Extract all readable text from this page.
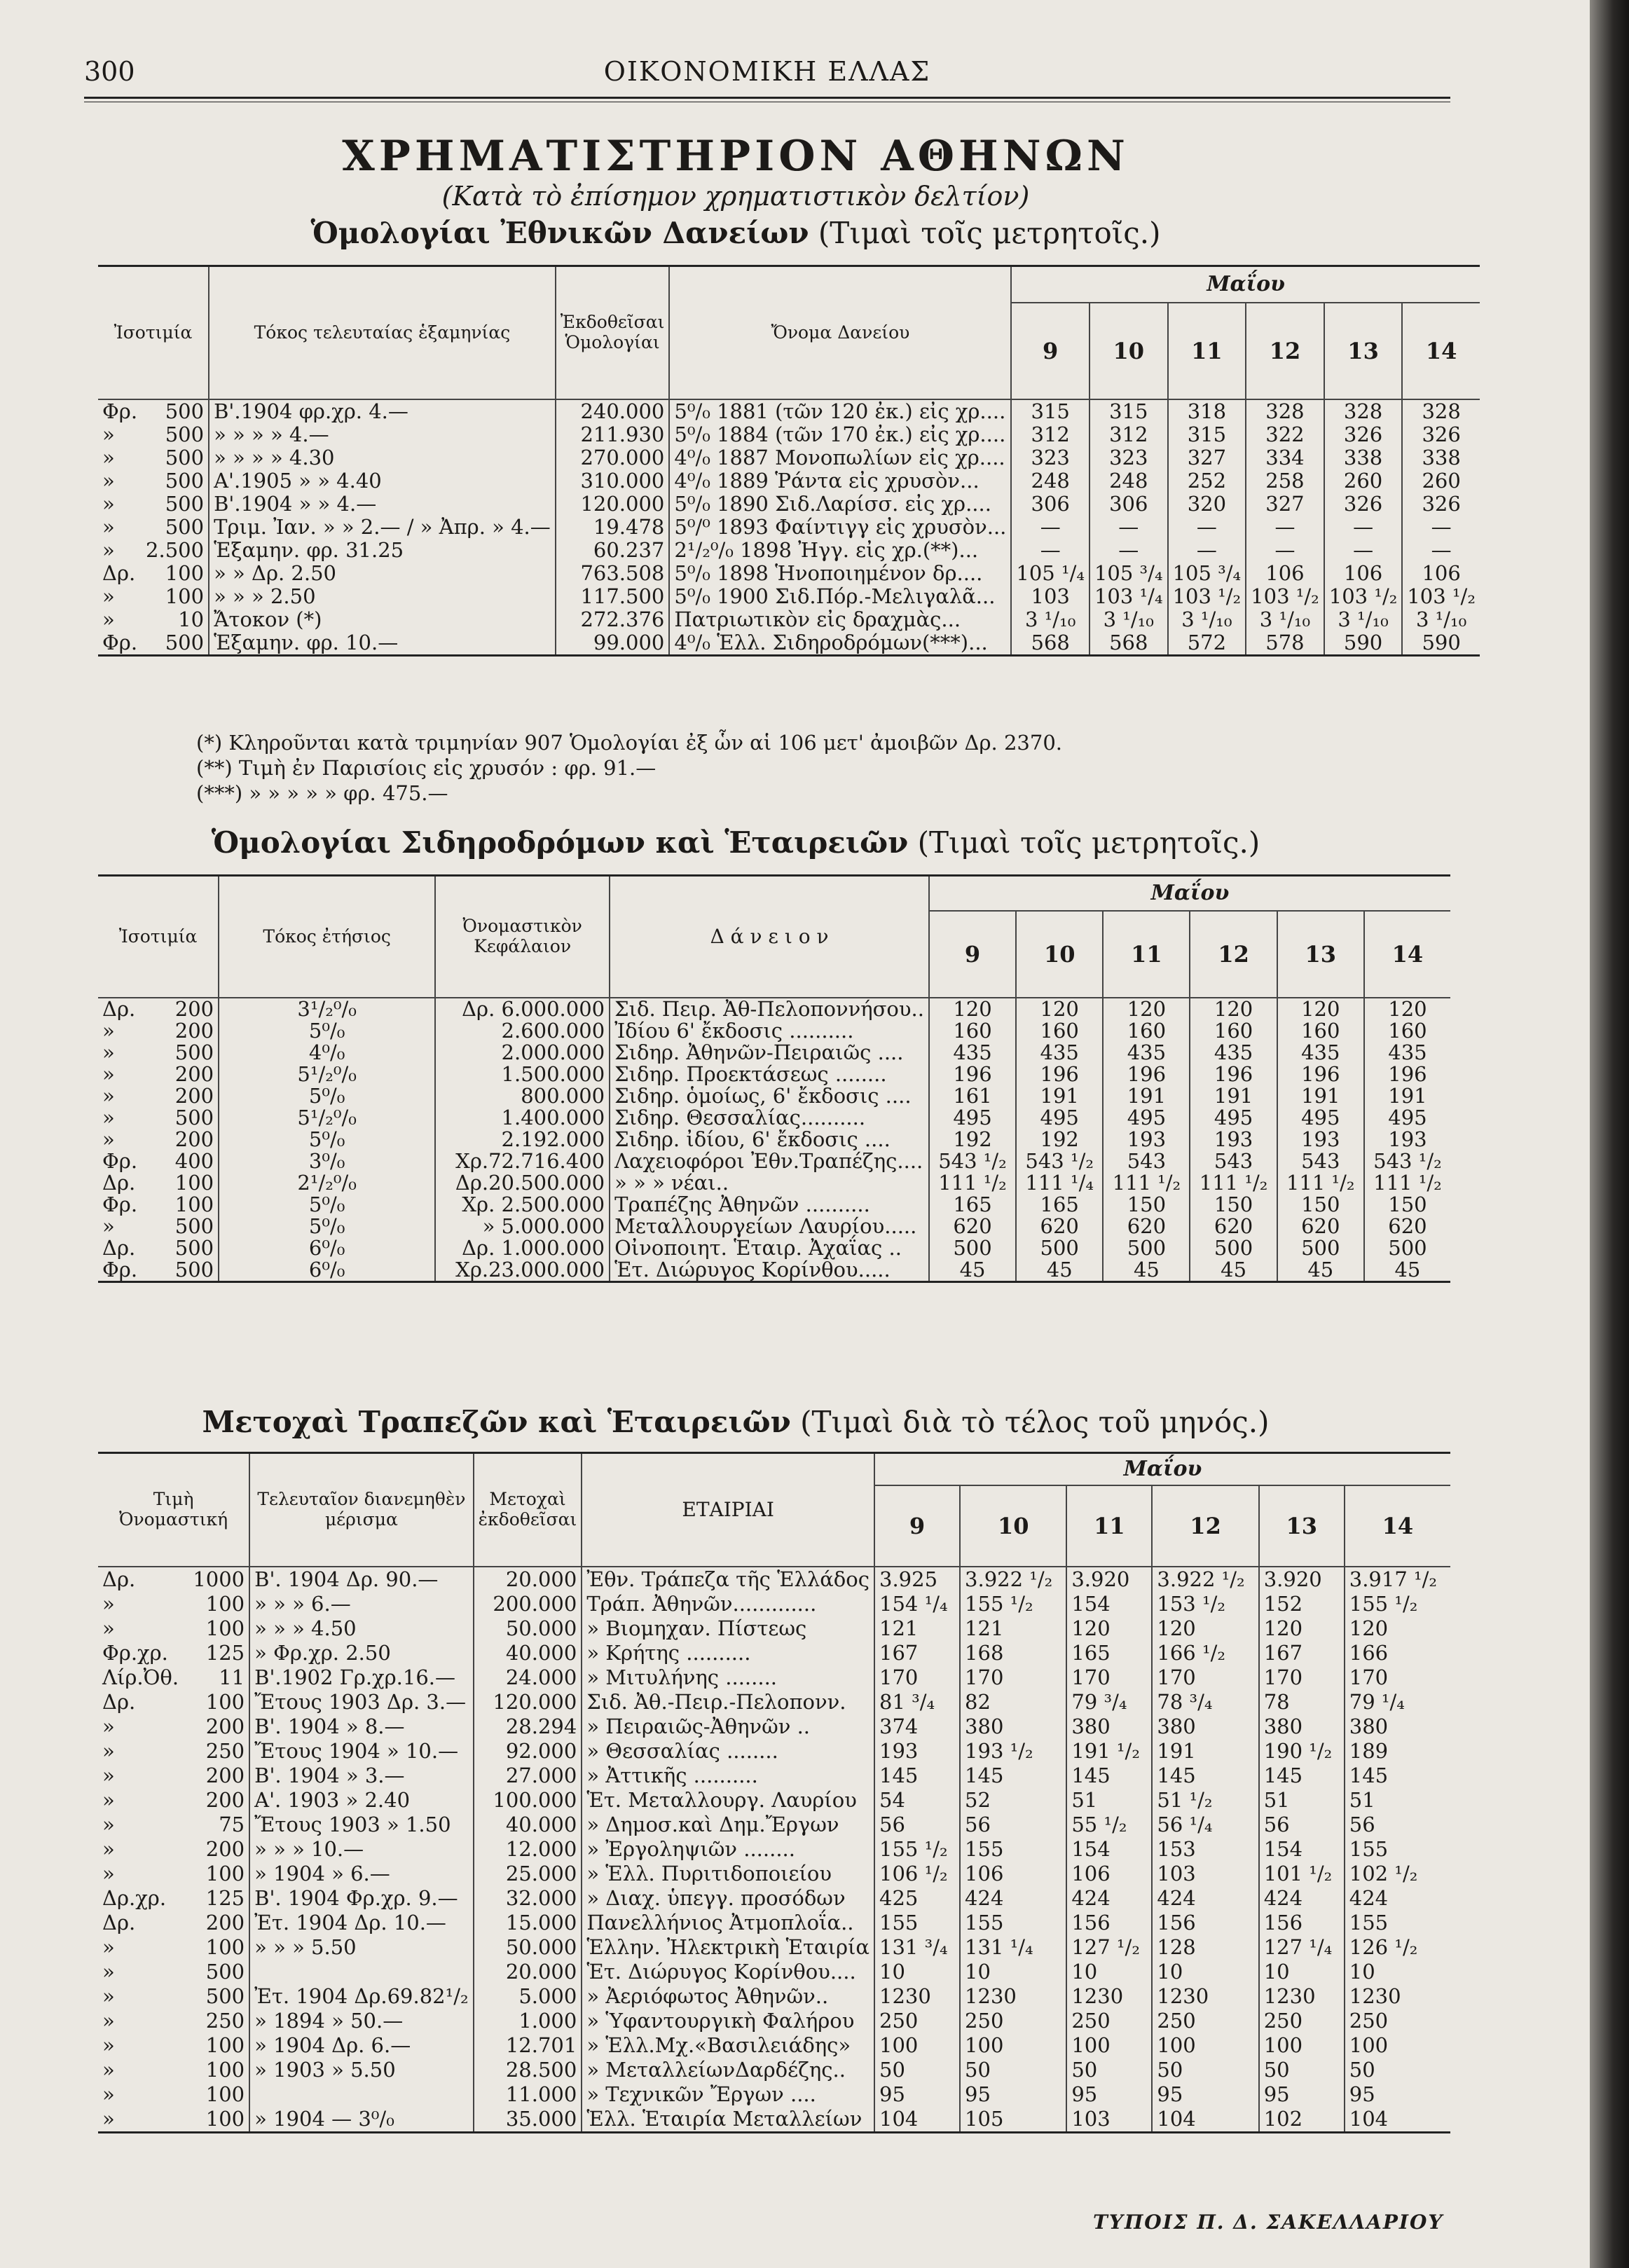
300	ΟΙΚΟΝΟΜΙΚΗ ΕΛΛΑΣ
ΧΡΗΜΑΤΙΣΤΗΡΙΟΝ ΑΘΗΝΩΝ
(Κατὰ τὸ ἐπίσημον χρηματιστικὸν δελτίον)
Ὁμολογίαι Ἐθνικῶν Δανείων (Τιμαὶ τοῖς μετρητοῖς.)
Ἰσοτιμία		Τόκος τελευταίας ἑξαμηνίας	Ἐκδοθεῖσαι Ὁμολογίαι	Ὄνομα Δανείου	Μαΐου					
					9	10	11	12	13	14
Φρ.	500	Β'.1904 φρ.χρ. 4.—	240.000	5⁰/₀ 1881 (τῶν 120 ἐκ.) εἰς χρ....	315	315	318	328	328	328
»	500	» » » » 4.—	211.930	5⁰/₀ 1884 (τῶν 170 ἐκ.) εἰς χρ....	312	312	315	322	326	326
»	500	» » » » 4.30	270.000	4⁰/₀ 1887 Μονοπωλίων εἰς χρ....	323	323	327	334	338	338
»	500	Α'.1905 » » 4.40	310.000	4⁰/₀ 1889 Ῥάντα εἰς χρυσὸν...	248	248	252	258	260	260
»	500	Β'.1904 » » 4.—	120.000	5⁰/₀ 1890 Σιδ.Λαρίσσ. εἰς χρ....	306	306	320	327	326	326
»	500	Τριμ. Ἰαν. » » 2.— / » Ἀπρ. » 4.—	19.478	5⁰/⁰ 1893 Φαίντιγγ εἰς χρυσὸν...	—	—	—	—	—	—
»	2.500	Ἑξαμην. φρ. 31.25	60.237	2¹/₂⁰/₀ 1898 Ἠγγ. εἰς χρ.(**)...	—	—	—	—	—	—
Δρ.	100	» » Δρ. 2.50	763.508	5⁰/₀ 1898 Ἡνοποιημένον δρ....	105 ¹/₄	105 ³/₄	105 ³/₄	106	106	106
»	100	» » » 2.50	117.500	5⁰/₀ 1900 Σιδ.Πόρ.-Μελιγαλᾶ...	103	103 ¹/₄	103 ¹/₂	103 ¹/₂	103 ¹/₂	103 ¹/₂
»	10	Ἄτοκον (*)	272.376	Πατριωτικὸν εἰς δραχμὰς...	3 ¹/₁₀	3 ¹/₁₀	3 ¹/₁₀	3 ¹/₁₀	3 ¹/₁₀	3 ¹/₁₀
Φρ.	500	Ἑξαμην. φρ. 10.—	99.000	4⁰/₀ Ἑλλ. Σιδηροδρόμων(***)...	568	568	572	578	590	590
(*) Κληροῦνται κατὰ τριμηνίαν 907 Ὁμολογίαι ἐξ ὧν αἱ 106 μετ' ἀμοιβῶν Δρ. 2370.
(**) Τιμὴ ἐν Παρισίοις εἰς χρυσόν : φρ. 91.—
(***) » » » » » φρ. 475.—
Ὁμολογίαι Σιδηροδρόμων καὶ Ἑταιρειῶν (Τιμαὶ τοῖς μετρητοῖς.)
Ἰσοτιμία		Τόκος ἐτήσιος	Ὀνομαστικὸν Κεφάλαιον	Δ ά ν ε ι ο ν	Μαΐου					
					9	10	11	12	13	14
Δρ.	200	3¹/₂⁰/₀	Δρ. 6.000.000	Σιδ. Πειρ. Ἀθ-Πελοποννήσου..	120	120	120	120	120	120
»	200	5⁰/₀	2.600.000	Ἰδίου 6' ἔκδοσις ..........	160	160	160	160	160	160
»	500	4⁰/₀	2.000.000	Σιδηρ. Ἀθηνῶν-Πειραιῶς ....	435	435	435	435	435	435
»	200	5¹/₂⁰/₀	1.500.000	Σιδηρ. Προεκτάσεως ........	196	196	196	196	196	196
»	200	5⁰/₀	800.000	Σιδηρ. ὁμοίως, 6' ἔκδοσις ....	161	191	191	191	191	191
»	500	5¹/₂⁰/₀	1.400.000	Σιδηρ. Θεσσαλίας..........	495	495	495	495	495	495
»	200	5⁰/₀	2.192.000	Σιδηρ. ἰδίου, 6' ἔκδοσις ....	192	192	193	193	193	193
Φρ.	400	3⁰/₀	Χρ.72.716.400	Λαχειοφόροι Ἐθν.Τραπέζης....	543 ¹/₂	543 ¹/₂	543	543	543	543 ¹/₂
Δρ.	100	2¹/₂⁰/₀	Δρ.20.500.000	» » » νέαι..	111 ¹/₂	111 ¹/₄	111 ¹/₂	111 ¹/₂	111 ¹/₂	111 ¹/₂
Φρ.	100	5⁰/₀	Χρ. 2.500.000	Τραπέζης Ἀθηνῶν ..........	165	165	150	150	150	150
»	500	5⁰/₀	» 5.000.000	Μεταλλουργείων Λαυρίου.....	620	620	620	620	620	620
Δρ.	500	6⁰/₀	Δρ. 1.000.000	Οἰνοποιητ. Ἑταιρ. Ἀχαΐας ..	500	500	500	500	500	500
Φρ.	500	6⁰/₀	Χρ.23.000.000	Ἑτ. Διώρυγος Κορίνθου.....	45	45	45	45	45	45
Μετοχαὶ Τραπεζῶν καὶ Ἑταιρειῶν (Τιμαὶ διὰ τὸ τέλος τοῦ μηνός.)
Τιμὴ Ὀνομαστική		Τελευταῖον διανεμηθὲν μέρισμα	Μετοχαὶ ἐκδοθεῖσαι	ΕΤΑΙΡΙΑΙ	Μαΐου					
					9	10	11	12	13	14
Δρ.	1000	Β'. 1904 Δρ. 90.—	20.000	Ἐθν. Τράπεζα τῆς Ἑλλάδος	3.925	3.922 ¹/₂	3.920	3.922 ¹/₂	3.920	3.917 ¹/₂
»	100	» » » 6.—	200.000	Τράπ. Ἀθηνῶν.............	154 ¹/₄	155 ¹/₂	154	153 ¹/₂	152	155 ¹/₂
»	100	» » » 4.50	50.000	» Βιομηχαν. Πίστεως	121	121	120	120	120	120
Φρ.χρ.	125	» Φρ.χρ. 2.50	40.000	» Κρήτης ..........	167	168	165	166 ¹/₂	167	166
Λίρ.Ὀθ.	11	Β'.1902 Γρ.χρ.16.—	24.000	» Μιτυλήνης ........	170	170	170	170	170	170
Δρ.	100	Ἔτους 1903 Δρ. 3.—	120.000	Σιδ. Ἀθ.-Πειρ.-Πελοπονν.	81 ³/₄	82	79 ³/₄	78 ³/₄	78	79 ¹/₄
»	200	Β'. 1904 » 8.—	28.294	» Πειραιῶς-Ἀθηνῶν ..	374	380	380	380	380	380
»	250	Ἔτους 1904 » 10.—	92.000	» Θεσσαλίας ........	193	193 ¹/₂	191 ¹/₂	191	190 ¹/₂	189
»	200	Β'. 1904 » 3.—	27.000	» Ἀττικῆς ..........	145	145	145	145	145	145
»	200	Α'. 1903 » 2.40	100.000	Ἑτ. Μεταλλουργ. Λαυρίου	54	52	51	51 ¹/₂	51	51
»	75	Ἔτους 1903 » 1.50	40.000	» Δημοσ.καὶ Δημ.Ἔργων	56	56	55 ¹/₂	56 ¹/₄	56	56
»	200	» » » 10.—	12.000	» Ἐργοληψιῶν ........	155 ¹/₂	155	154	153	154	155
»	100	» 1904 » 6.—	25.000	» Ἑλλ. Πυριτιδοποιείου	106 ¹/₂	106	106	103	101 ¹/₂	102 ¹/₂
Δρ.χρ.	125	Β'. 1904 Φρ.χρ. 9.—	32.000	» Διαχ. ὑπεγγ. προσόδων	425	424	424	424	424	424
Δρ.	200	Ἐτ. 1904 Δρ. 10.—	15.000	Πανελλήνιος Ἀτμοπλοΐα..	155	155	156	156	156	155
»	100	» » » 5.50	50.000	Ἑλλην. Ἠλεκτρικὴ Ἑταιρία	131 ³/₄	131 ¹/₄	127 ¹/₂	128	127 ¹/₄	126 ¹/₂
»	500		20.000	Ἑτ. Διώρυγος Κορίνθου....	10	10	10	10	10	10
»	500	Ἐτ. 1904 Δρ.69.82¹/₂	5.000	» Ἀεριόφωτος Ἀθηνῶν..	1230	1230	1230	1230	1230	1230
»	250	» 1894 » 50.—	1.000	» Ὑφαντουργικὴ Φαλήρου	250	250	250	250	250	250
»	100	» 1904 Δρ. 6.—	12.701	» Ἑλλ.Μχ.«Βασιλειάδης»	100	100	100	100	100	100
»	100	» 1903 » 5.50	28.500	» ΜεταλλείωνΔαρδέζης..	50	50	50	50	50	50
»	100		11.000	» Τεχνικῶν Ἔργων ....	95	95	95	95	95	95
»	100	» 1904 — 3⁰/₀	35.000	Ἑλλ. Ἑταιρία Μεταλλείων	104	105	103	104	102	104
ΤΥΠΟΙΣ Π. Δ. ΣΑΚΕΛΛΑΡΙΟΥ
